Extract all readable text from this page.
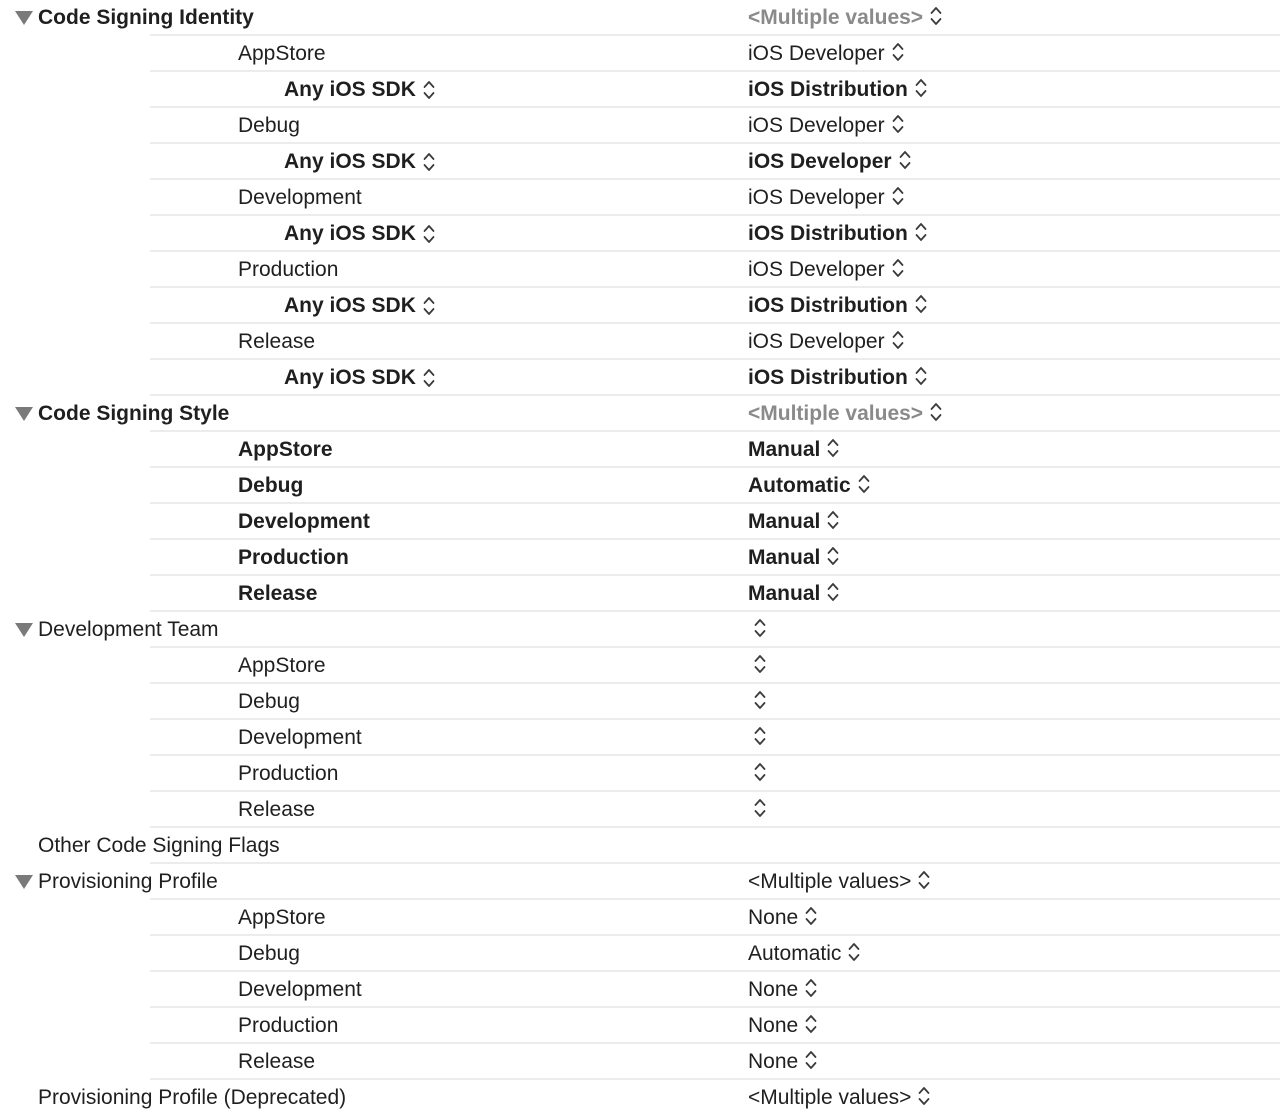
Code Signing Identity	<Multiple values>
AppStore	iOS Developer
Any iOS SDK	iOS Distribution
Debug	iOS Developer
Any iOS SDK	iOS Developer
Development	iOS Developer
Any iOS SDK	iOS Distribution
Production	iOS Developer
Any iOS SDK	iOS Distribution
Release	iOS Developer
Any iOS SDK	iOS Distribution
Code Signing Style	<Multiple values>
AppStore	Manual
Debug	Automatic
Development	Manual
Production	Manual
Release	Manual
Development Team
AppStore
Debug
Development
Production
Release
Other Code Signing Flags
Provisioning Profile	<Multiple values>
AppStore	None
Debug	Automatic
Development	None
Production	None
Release	None
Provisioning Profile (Deprecated)	<Multiple values>
